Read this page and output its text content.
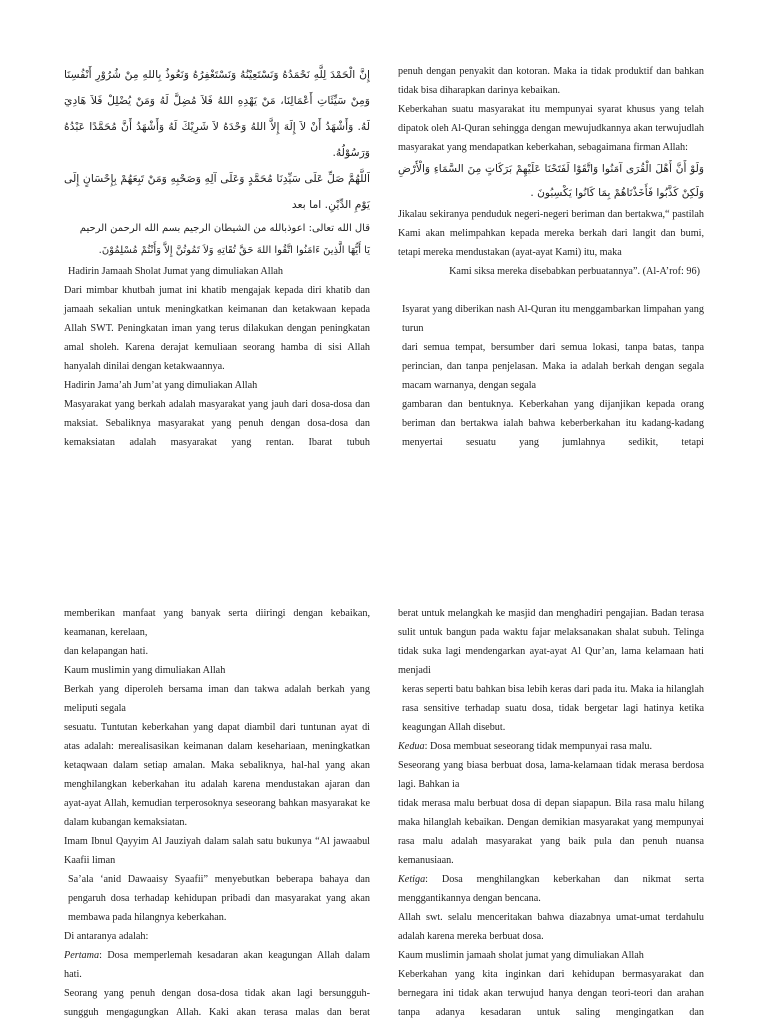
إِنَّ الْحَمْدَ لِلَّهِ نَحْمَدُهُ وَنَسْتَعِيْنُهُ وَنَسْتَغْفِرُهُ وَنَعُوذُ بِاللهِ مِنْ شُرُوْرِ أَنْفُسِنَا وَمِنْ سَيِّئَاتِ أَعْمَالِنَا، مَنْ يَهْدِهِ اللهُ فَلاَ مُضِلَّ لَهُ وَمَنْ يُضْلِلْ فَلاَ هَادِيَ لَهُ. وَأَشْهَدُ أَنْ لاَ إِلَهَ إِلاَّ اللهُ وَحْدَهُ لاَ شَرِيْكَ لَهُ وَأَشْهَدُ أَنَّ مُحَمَّدًا عَبْدُهُ وَرَسُوْلُهُ.

اَللَّهُمَّ صَلِّ عَلَى سَيِّدِنَا مُحَمَّدٍ وَعَلَى آلِهِ وَصَحْبِهِ وَمَنْ تَبِعَهُمْ بِإِحْسَانٍ إِلَى يَوْمِ الدِّيْنِ. اما بعد

قال الله تعالى: اعوذبالله من الشيطان الرجيم بسم الله الرحمن الرحيم

يَا أَيُّهَا الَّذِينَ ءَامَنُوا اتَّقُوا اللهَ حَقَّ تُقَاتِهِ وَلاَ تَمُوتُنَّ إِلاَّ وَأَنْتُمْ مُسْلِمُوْنَ.

Hadirin Jamaah Sholat Jumat yang dimuliakan Allah

Dari mimbar khutbah jumat ini khatib mengajak kepada diri khatib dan jamaah sekalian untuk meningkatkan keimanan dan ketakwaan kepada Allah SWT. Peningkatan iman yang terus dilakukan dengan peningkatan amal sholeh. Karena derajat kemuliaan seorang hamba di sisi Allah hanyalah dinilai dengan ketakwaannya.

Hadirin Jama’ah Jum’at yang dimuliakan Allah

Masyarakat yang berkah adalah masyarakat yang jauh dari dosa-dosa dan maksiat. Sebaliknya masyarakat yang penuh dengan dosa-dosa dan kemaksiatan adalah masyarakat yang rentan. Ibarat tubuh

penuh dengan penyakit dan kotoran. Maka ia tidak produktif dan bahkan tidak bisa diharapkan darinya kebaikan.

Keberkahan suatu masyarakat itu mempunyai syarat khusus yang telah dipatok oleh Al-Quran sehingga dengan mewujudkannya akan terwujudlah masyarakat yang mendapatkan keberkahan, sebagaimana firman Allah:

وَلَوْ أَنَّ أَهْلَ الْقُرَى آمَنُوا وَاتَّقَوْا لَفَتَحْنَا عَلَيْهِمْ بَرَكَاتٍ مِنَ السَّمَاءِ وَالْأَرْضِ وَلَكِنْ كَذَّبُوا فَأَخَذْنَاهُمْ بِمَا كَانُوا يَكْسِبُونَ .

Jikalau sekiranya penduduk negeri-negeri beriman dan bertakwa,“ pastilah Kami akan melimpahkan kepada mereka berkah dari langit dan bumi, tetapi mereka mendustakan (ayat-ayat Kami) itu, maka

Kami siksa mereka disebabkan perbuatannya”. (Al-A’rof: 96)

Isyarat yang diberikan nash Al-Quran itu menggambarkan limpahan yang turun

dari semua tempat, bersumber dari semua lokasi, tanpa batas, tanpa perincian, dan tanpa penjelasan. Maka ia adalah berkah dengan segala macam warnanya, dengan segala

gambaran dan bentuknya. Keberkahan yang dijanjikan kepada orang beriman dan bertakwa ialah bahwa keberberkahan itu kadang-kadang menyertai sesuatu yang jumlahnya sedikit, tetapi

memberikan manfaat yang banyak serta diiringi dengan kebaikan, keamanan, kerelaan,

dan kelapangan hati.

Kaum muslimin yang dimuliakan Allah

Berkah yang diperoleh bersama iman dan takwa adalah berkah yang meliputi segala

sesuatu. Tuntutan keberkahan yang dapat diambil dari tuntunan ayat di atas adalah: merealisasikan keimanan dalam kesehariaan, meningkatkan ketaqwaan dalam setiap amalan. Maka sebaliknya, hal-hal yang akan menghilangkan keberkahan itu adalah karena mendustakan ajaran dan ayat-ayat Allah, kemudian terperosoknya seseorang bahkan masyarakat ke dalam kubangan kemaksiatan.

Imam Ibnul Qayyim Al Jauziyah dalam salah satu bukunya “Al jawaabul Kaafii liman

Sa’ala ‘anid Dawaaisy Syaafii” menyebutkan beberapa bahaya dan pengaruh dosa terhadap kehidupan pribadi dan masyarakat yang akan membawa pada hilangnya keberkahan.

Di antaranya adalah:

Pertama: Dosa memperlemah kesadaran akan keagungan Allah dalam hati.

Seorang yang penuh dengan dosa-dosa tidak akan lagi bersungguh-sungguh mengagungkan Allah. Kaki akan terasa malas dan berat

berat untuk melangkah ke masjid dan menghadiri pengajian. Badan terasa sulit untuk bangun pada waktu fajar melaksanakan shalat subuh. Telinga tidak suka lagi mendengarkan ayat-ayat Al Qur’an, lama kelamaan hati menjadi

keras seperti batu bahkan bisa lebih keras dari pada itu. Maka ia hilanglah rasa sensitive terhadap suatu dosa, tidak bergetar lagi hatinya ketika keagungan Allah disebut.

Kedua: Dosa membuat seseorang tidak mempunyai rasa malu.

Seseorang yang biasa berbuat dosa, lama-kelamaan tidak merasa berdosa lagi. Bahkan ia

tidak merasa malu berbuat dosa di depan siapapun. Bila rasa malu hilang maka hilanglah kebaikan. Dengan demikian masyarakat yang mempunyai rasa malu adalah masyarakat yang baik pula dan penuh nuansa kemanusiaan.

Ketiga: Dosa menghilangkan keberkahan dan nikmat serta menggantikannya dengan bencana.

Allah swt. selalu menceritakan bahwa diazabnya umat-umat terdahulu adalah karena mereka berbuat dosa.

Kaum muslimin jamaah sholat jumat yang dimuliakan Allah

Keberkahan yang kita inginkan dari kehidupan bermasyarakat dan bernegara ini tidak akan terwujud hanya dengan teori-teori dan arahan tanpa adanya kesadaran untuk saling mengingatkan dan
